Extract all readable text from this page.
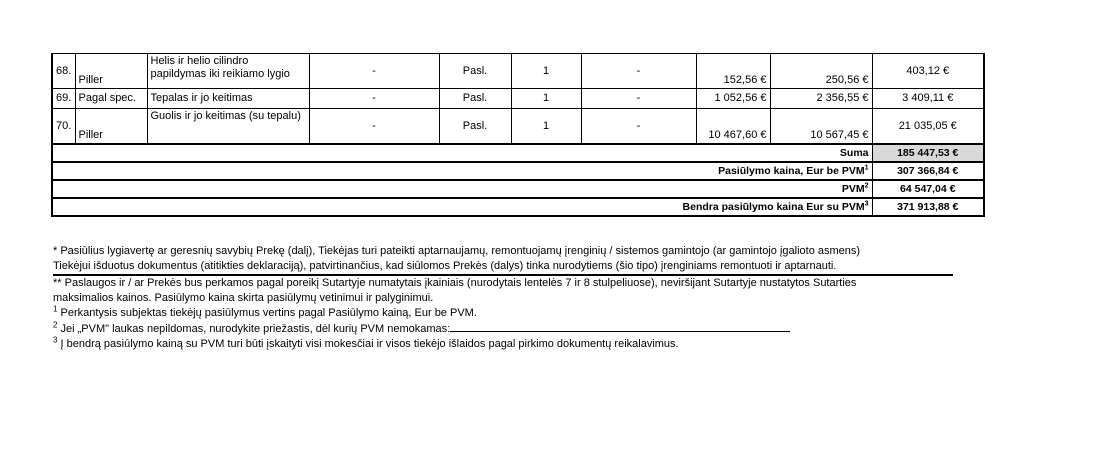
68.	Piller	Helis ir helio cilindro papildymas iki reikiamo lygio	-	Pasl.	1	-	152,56 €	250,56 €	403,12 €
69.	Pagal spec.	Tepalas ir jo keitimas	-	Pasl.	1	-	1 052,56 €	2 356,55 €	3 409,11 €
70.	Piller	Guolis ir jo keitimas (su tepalu)	-	Pasl.	1	-	10 467,60 €	10 567,45 €	21 035,05 €
Suma									185 447,53 €
Pasiūlymo kaina, Eur be PVM$^1$									307 366,84 €
PVM$^2$									64 547,04 €
Bendra pasiūlymo kaina Eur su PVM$^3$									371 913,88 €

* Pasiūlius lygiavertę ar geresnių savybių Prekę (dalį), Tiekėjas turi pateikti aptarnaujamų, remontuojamų įrenginių / sistemos gamintojo (ar gamintojo įgalioto asmens)

Tiekėjui išduotus dokumentus (atitikties deklaraciją), patvirtinančius, kad siūlomos Prekės (dalys) tinka nurodytiems (šio tipo) įrenginiams remontuoti ir aptarnauti.

** Paslaugos ir / ar Prekės bus perkamos pagal poreikį Sutartyje numatytais įkainiais (nurodytais lentelės 7 ir 8 stulpeliuose), neviršijant Sutartyje nustatytos Sutarties

maksimalios kainos. Pasiūlymo kaina skirta pasiūlymų vetinimui ir palyginimui.

$^1$ Perkantysis subjektas tiekėjų pasiūlymus vertins pagal Pasiūlymo kainą, Eur be PVM.

$^2$ Jei „PVM" laukas nepildomas, nurodykite priežastis, dėl kurių PVM nemokamas:

$^3$ Į bendrą pasiūlymo kainą su PVM turi būti įskaityti visi mokesčiai ir visos tiekėjo išlaidos pagal pirkimo dokumentų reikalavimus.
